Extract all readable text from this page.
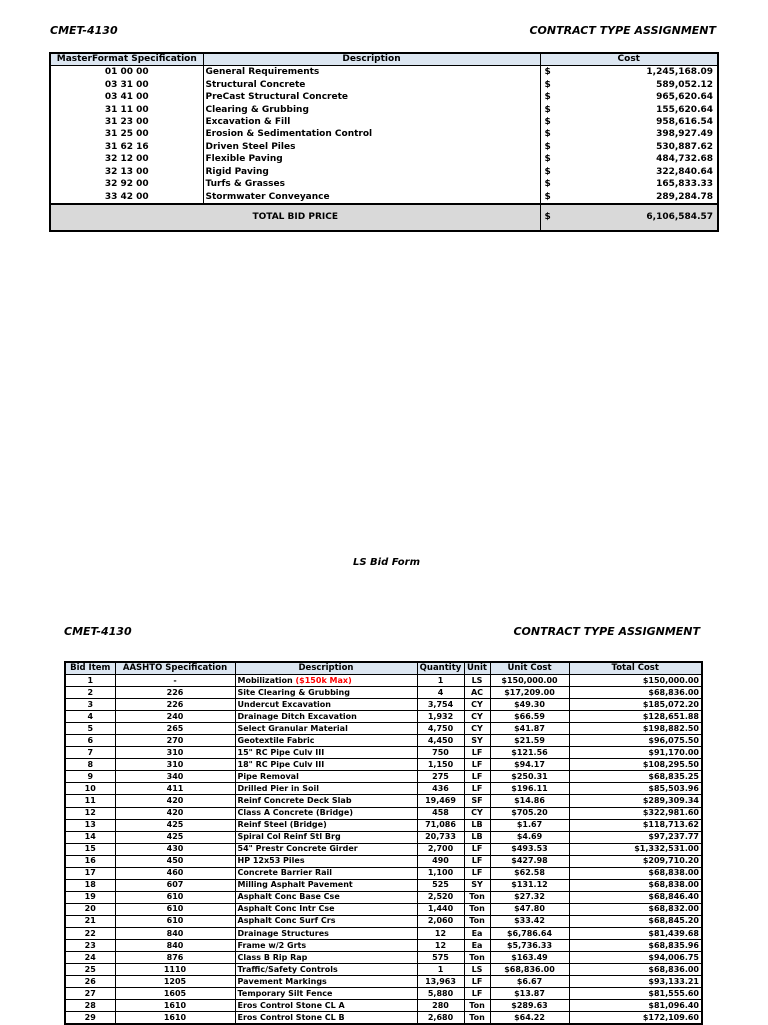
CMET-4130	CONTRACT TYPE ASSIGNMENT
MasterFormat Specification	Description	Cost	
01 00 00	General Requirements	$	1,245,168.09
03 31 00	Structural Concrete	$	589,052.12
03 41 00	PreCast Structural Concrete	$	965,620.64
31 11 00	Clearing & Grubbing	$	155,620.64
31 23 00	Excavation & Fill	$	958,616.54
31 25 00	Erosion & Sedimentation Control	$	398,927.49
31 62 16	Driven Steel Piles	$	530,887.62
32 12 00	Flexible Paving	$	484,732.68
32 13 00	Rigid Paving	$	322,840.64
32 92 00	Turfs & Grasses	$	165,833.33
33 42 00	Stormwater Conveyance	$	289,284.78
TOTAL BID PRICE		$	6,106,584.57
LS Bid Form
CMET-4130	CONTRACT TYPE ASSIGNMENT
Bid Item	AASHTO Specification	Description	Quantity	Unit	Unit Cost	Total Cost
1	-	Mobilization ($150k Max)	1	LS	$150,000.00	$150,000.00
2	226	Site Clearing & Grubbing	4	AC	$17,209.00	$68,836.00
3	226	Undercut Excavation	3,754	CY	$49.30	$185,072.20
4	240	Drainage Ditch Excavation	1,932	CY	$66.59	$128,651.88
5	265	Select Granular Material	4,750	CY	$41.87	$198,882.50
6	270	Geotextile Fabric	4,450	SY	$21.59	$96,075.50
7	310	15" RC Pipe Culv III	750	LF	$121.56	$91,170.00
8	310	18" RC Pipe Culv III	1,150	LF	$94.17	$108,295.50
9	340	Pipe Removal	275	LF	$250.31	$68,835.25
10	411	Drilled Pier in Soil	436	LF	$196.11	$85,503.96
11	420	Reinf Concrete Deck Slab	19,469	SF	$14.86	$289,309.34
12	420	Class A Concrete (Bridge)	458	CY	$705.20	$322,981.60
13	425	Reinf Steel (Bridge)	71,086	LB	$1.67	$118,713.62
14	425	Spiral Col Reinf Stl Brg	20,733	LB	$4.69	$97,237.77
15	430	54" Prestr Concrete Girder	2,700	LF	$493.53	$1,332,531.00
16	450	HP 12x53 Piles	490	LF	$427.98	$209,710.20
17	460	Concrete Barrier Rail	1,100	LF	$62.58	$68,838.00
18	607	Milling Asphalt Pavement	525	SY	$131.12	$68,838.00
19	610	Asphalt Conc Base Cse	2,520	Ton	$27.32	$68,846.40
20	610	Asphalt Conc Intr Cse	1,440	Ton	$47.80	$68,832.00
21	610	Asphalt Conc Surf Crs	2,060	Ton	$33.42	$68,845.20
22	840	Drainage Structures	12	Ea	$6,786.64	$81,439.68
23	840	Frame w/2 Grts	12	Ea	$5,736.33	$68,835.96
24	876	Class B Rip Rap	575	Ton	$163.49	$94,006.75
25	1110	Traffic/Safety Controls	1	LS	$68,836.00	$68,836.00
26	1205	Pavement Markings	13,963	LF	$6.67	$93,133.21
27	1605	Temporary Silt Fence	5,880	LF	$13.87	$81,555.60
28	1610	Eros Control Stone CL A	280	Ton	$289.63	$81,096.40
29	1610	Eros Control Stone CL B	2,680	Ton	$64.22	$172,109.60
